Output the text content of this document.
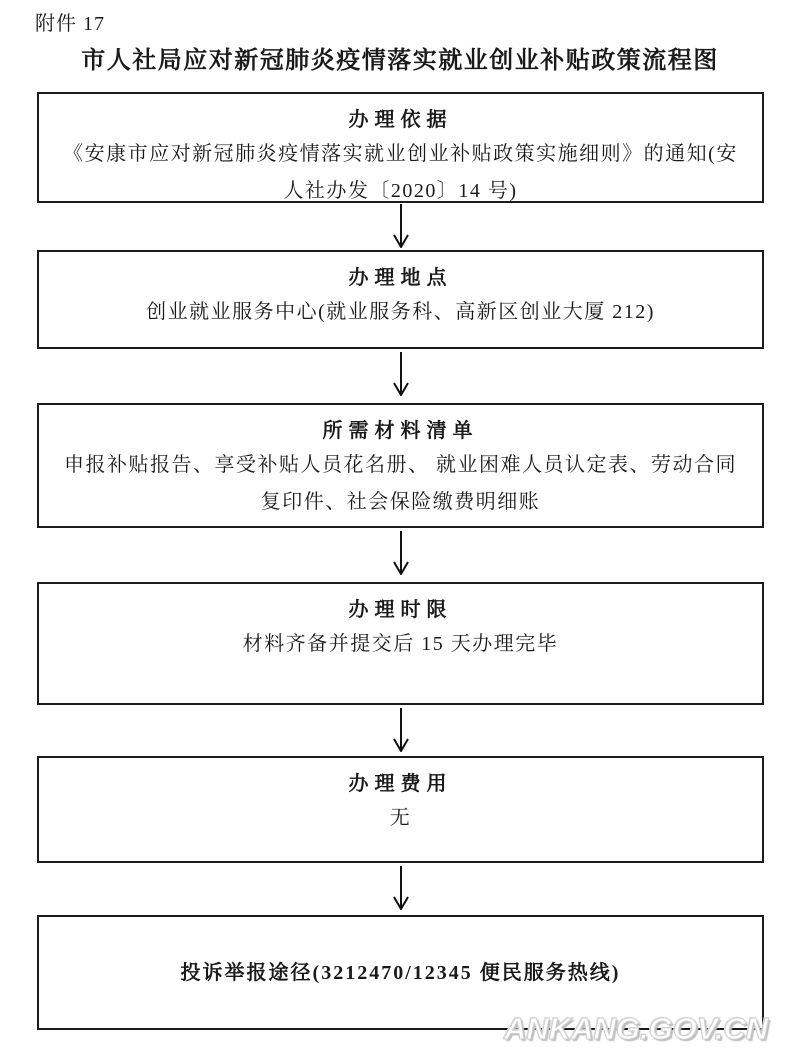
附件 17
市人社局应对新冠肺炎疫情落实就业创业补贴政策流程图
办理依据
《安康市应对新冠肺炎疫情落实就业创业补贴政策实施细则》的通知(安人社办发〔2020〕14 号)
办理地点
创业就业服务中心(就业服务科、高新区创业大厦 212)
所需材料清单
申报补贴报告、享受补贴人员花名册、 就业困难人员认定表、劳动合同复印件、社会保险缴费明细账
办理时限
材料齐备并提交后 15 天办理完毕
办理费用
无
投诉举报途径(3212470/12345 便民服务热线)
ANKANG.GOV.CN
